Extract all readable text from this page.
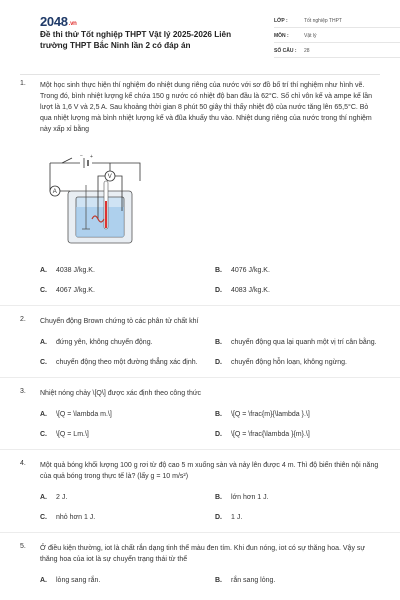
2048.vn
Đề thi thử Tốt nghiệp THPT Vật lý 2025-2026 Liên trường THPT Bắc Ninh lần 2 có đáp án
LỚP :	Tốt nghiệp THPT
MÔN :	Vật lý
SỐ CÂU :	28
1. Một học sinh thực hiện thí nghiệm đo nhiệt dung riêng của nước với sơ đồ bố trí thí nghiệm như hình vẽ. Trong đó, bình nhiệt lượng kế chứa 150 g nước có nhiệt độ ban đầu là 62°C. Số chỉ vôn kế và ampe kế lần lượt là 1,6 V và 2,5 A. Sau khoảng thời gian 8 phút 50 giây thì thấy nhiệt độ của nước tăng lên 65,5°C. Bỏ qua nhiệt lượng mà bình nhiệt lượng kế và đũa khuấy thu vào. Nhiệt dung riêng của nước trong thí nghiệm này xấp xỉ bằng
− +
V
A
A.	4038 J/kg.K.	B.	4076 J/kg.K.
C.	4067 J/kg.K.	D.	4083 J/kg.K.
2. Chuyển động Brown chứng tỏ các phân tử chất khí
A.	đứng yên, không chuyển động.	B.	chuyển động qua lại quanh một vị trí cân bằng.
C.	chuyển động theo một đường thẳng xác định. D.	chuyển động hỗn loạn, không ngừng.
3. Nhiệt nóng chảy \[Q\] được xác định theo công thức
A.	\[Q = \lambda m.\]	B.	\[Q = \frac{m}{\lambda }.\]
C.	\[Q = Lm.\]	D.	\[Q = \frac{\lambda }{m}.\]
4. Một quả bóng khối lượng 100 g rơi từ độ cao 5 m xuống sàn và nảy lên được 4 m. Thì độ biến thiên nội năng của quả bóng trong thực tế là? (lấy g = 10 m/s²)
A.	2 J.	B.	lớn hơn 1 J.
C.	nhỏ hơn 1 J.	D.	1 J.
5. Ở điều kiện thường, iot là chất rắn dạng tinh thể màu đen tím. Khi đun nóng, iot có sự thăng hoa. Vậy sự thăng hoa của iot là sự chuyển trạng thái từ thể
A.	lỏng sang rắn.	B.	rắn sang lỏng.
